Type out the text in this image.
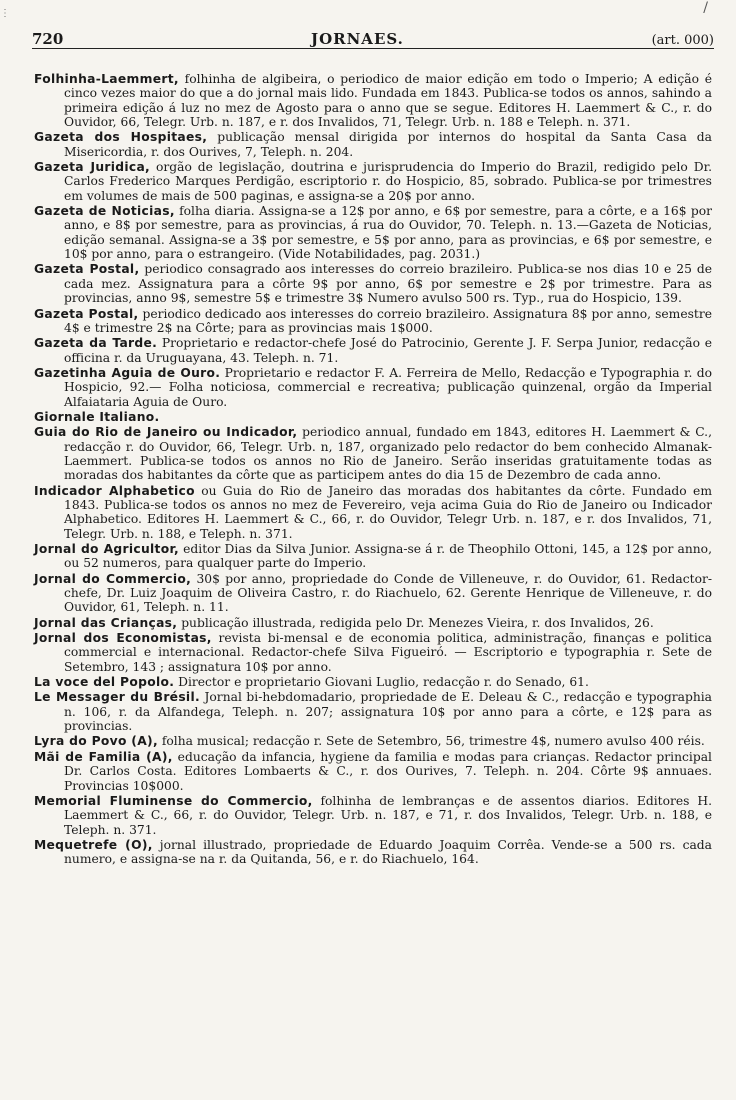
⋮	/
720	JORNAES.	(art. 000)

Folhinha-Laemmert, folhinha de algibeira, o periodico de maior edição em todo o Imperio; A edição é cinco vezes maior do que a do jornal mais lido. Fundada em 1843. Publica-se todos os annos, sahindo a primeira edição á luz no mez de Agosto para o anno que se segue. Editores H. Laemmert & C., r. do Ouvidor, 66, Telegr. Urb. n. 187, e r. dos Invalidos, 71, Telegr. Urb. n. 188 e Teleph. n. 371.

Gazeta dos Hospitaes, publicação mensal dirigida por internos do hospital da Santa Casa da Misericordia, r. dos Ourives, 7, Teleph. n. 204.

Gazeta Juridica, orgão de legislação, doutrina e jurisprudencia do Imperio do Brazil, redigido pelo Dr. Carlos Frederico Marques Perdigão, escriptorio r. do Hospicio, 85, sobrado. Publica-se por trimestres em volumes de mais de 500 paginas, e assigna-se a 20$ por anno.

Gazeta de Noticias, folha diaria. Assigna-se a 12$ por anno, e 6$ por semestre, para a côrte, e a 16$ por anno, e 8$ por semestre, para as provincias, á rua do Ouvidor, 70. Teleph. n. 13.—Gazeta de Noticias, edição semanal. Assigna-se a 3$ por semestre, e 5$ por anno, para as provincias, e 6$ por semestre, e 10$ por anno, para o estrangeiro. (Vide Notabilidades, pag. 2031.)

Gazeta Postal, periodico consagrado aos interesses do correio brazileiro. Publica-se nos dias 10 e 25 de cada mez. Assignatura para a côrte 9$ por anno, 6$ por semestre e 2$ por trimestre. Para as provincias, anno 9$, semestre 5$ e trimestre 3$ Numero avulso 500 rs. Typ., rua do Hospicio, 139.

Gazeta Postal, periodico dedicado aos interesses do correio brazileiro. Assignatura 8$ por anno, semestre 4$ e trimestre 2$ na Côrte; para as provincias mais 1$000.

Gazeta da Tarde. Proprietario e redactor-chefe José do Patrocinio, Gerente J. F. Serpa Junior, redacção e officina r. da Uruguayana, 43. Teleph. n. 71.

Gazetinha Aguia de Ouro. Proprietario e redactor F. A. Ferreira de Mello, Redacção e Typographia r. do Hospicio, 92.— Folha noticiosa, commercial e recreativa; publicação quinzenal, orgão da Imperial Alfaiataria Aguia de Ouro.

Giornale Italiano.

Guia do Rio de Janeiro ou Indicador, periodico annual, fundado em 1843, editores H. Laemmert & C., redacção r. do Ouvidor, 66, Telegr. Urb. n, 187, organizado pelo redactor do bem conhecido Almanak-Laemmert. Publica-se todos os annos no Rio de Janeiro. Serão inseridas gratuitamente todas as moradas dos habitantes da côrte que as participem antes do dia 15 de Dezembro de cada anno.

Indicador Alphabetico ou Guia do Rio de Janeiro das moradas dos habitantes da côrte. Fundado em 1843. Publica-se todos os annos no mez de Fevereiro, veja acima Guia do Rio de Janeiro ou Indicador Alphabetico. Editores H. Laemmert & C., 66, r. do Ouvidor, Telegr Urb. n. 187, e r. dos Invalidos, 71, Telegr. Urb. n. 188, e Teleph. n. 371.

Jornal do Agricultor, editor Dias da Silva Junior. Assigna-se á r. de Theophilo Ottoni, 145, a 12$ por anno, ou 52 numeros, para qualquer parte do Imperio.

Jornal do Commercio, 30$ por anno, propriedade do Conde de Villeneuve, r. do Ouvidor, 61. Redactor-chefe, Dr. Luiz Joaquim de Oliveira Castro, r. do Riachuelo, 62. Gerente Henrique de Villeneuve, r. do Ouvidor, 61, Teleph. n. 11.

Jornal das Crianças, publicação illustrada, redigida pelo Dr. Menezes Vieira, r. dos Invalidos, 26.

Jornal dos Economistas, revista bi-mensal e de economia politica, administração, finanças e politica commercial e internacional. Redactor-chefe Silva Figueiró. — Escriptorio e typographia r. Sete de Setembro, 143 ; assignatura 10$ por anno.

La voce del Popolo. Director e proprietario Giovani Luglio, redacção r. do Senado, 61.

Le Messager du Brésil. Jornal bi-hebdomadario, propriedade de E. Deleau & C., redacção e typographia n. 106, r. da Alfandega, Teleph. n. 207; assignatura 10$ por anno para a côrte, e 12$ para as provincias.

Lyra do Povo (A), folha musical; redacção r. Sete de Setembro, 56, trimestre 4$, numero avulso 400 réis.

Mãi de Familia (A), educação da infancia, hygiene da familia e modas para crianças. Redactor principal Dr. Carlos Costa. Editores Lombaerts & C., r. dos Ourives, 7. Teleph. n. 204. Côrte 9$ annuaes. Provincias 10$000.

Memorial Fluminense do Commercio, folhinha de lembranças e de assentos diarios. Editores H. Laemmert & C., 66, r. do Ouvidor, Telegr. Urb. n. 187, e 71, r. dos Invalidos, Telegr. Urb. n. 188, e Teleph. n. 371.

Mequetrefe (O), jornal illustrado, propriedade de Eduardo Joaquim Corrêa. Vende-se a 500 rs. cada numero, e assigna-se na r. da Quitanda, 56, e r. do Riachuelo, 164.
